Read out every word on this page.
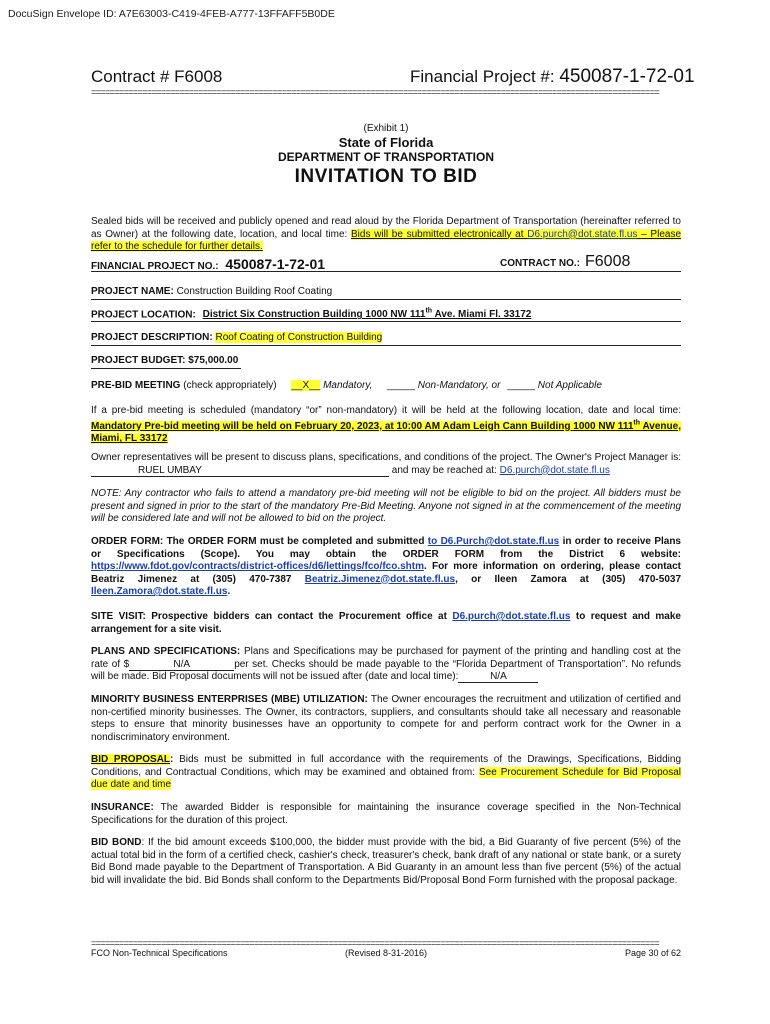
DocuSign Envelope ID: A7E63003-C419-4FEB-A777-13FFAFF5B0DE
Contract # F6008	Financial Project #: 450087-1-72-01
==========================================================================================================================
(Exhibit 1)
State of Florida
DEPARTMENT OF TRANSPORTATION
INVITATION TO BID
Sealed bids will be received and publicly opened and read aloud by the Florida Department of Transportation (hereinafter referred to as Owner) at the following date, location, and local time: Bids will be submitted electronically at D6.purch@dot.state.fl.us – Please refer to the schedule for further details.
FINANCIAL PROJECT NO.: 450087-1-72-01	CONTRACT NO.: F6008
PROJECT NAME: Construction Building Roof Coating
PROJECT LOCATION: District Six Construction Building 1000 NW 111th Ave. Miami Fl. 33172
PROJECT DESCRIPTION: Roof Coating of Construction Building
PROJECT BUDGET: $75,000.00
PRE-BID MEETING (check appropriately) __X__ Mandatory, _____ Non-Mandatory, or _____ Not Applicable
If a pre-bid meeting is scheduled (mandatory “or” non-mandatory) it will be held at the following location, date and local time: Mandatory Pre-bid meeting will be held on February 20, 2023, at 10:00 AM Adam Leigh Cann Building 1000 NW 111th Avenue, Miami, FL 33172
Owner representatives will be present to discuss plans, specifications, and conditions of the project. The Owner's Project Manager is: RUEL UMBAY	and may be reached at: D6.purch@dot.state.fl.us
NOTE: Any contractor who fails to attend a mandatory pre-bid meeting will not be eligible to bid on the project. All bidders must be present and signed in prior to the start of the mandatory Pre-Bid Meeting. Anyone not signed in at the commencement of the meeting will be considered late and will not be allowed to bid on the project.
ORDER FORM: The ORDER FORM must be completed and submitted to D6.Purch@dot.state.fl.us in order to receive Plans or Specifications (Scope). You may obtain the ORDER FORM from the District 6 website: https://www.fdot.gov/contracts/district-offices/d6/lettings/fco/fco.shtm. For more information on ordering, please contact Beatriz Jimenez at (305) 470-7387 Beatriz.Jimenez@dot.state.fl.us, or Ileen Zamora at (305) 470-5037 Ileen.Zamora@dot.state.fl.us.
SITE VISIT: Prospective bidders can contact the Procurement office at D6.purch@dot.state.fl.us to request and make arrangement for a site visit.
PLANS AND SPECIFICATIONS: Plans and Specifications may be purchased for payment of the printing and handling cost at the rate of $	N/A	per set. Checks should be made payable to the “Florida Department of Transportation”. No refunds will be made. Bid Proposal documents will not be issued after (date and local time):	N/A
MINORITY BUSINESS ENTERPRISES (MBE) UTILIZATION: The Owner encourages the recruitment and utilization of certified and non-certified minority businesses. The Owner, its contractors, suppliers, and consultants should take all necessary and reasonable steps to ensure that minority businesses have an opportunity to compete for and perform contract work for the Owner in a nondiscriminatory environment.
BID PROPOSAL: Bids must be submitted in full accordance with the requirements of the Drawings, Specifications, Bidding Conditions, and Contractual Conditions, which may be examined and obtained from: See Procurement Schedule for Bid Proposal due date and time
INSURANCE: The awarded Bidder is responsible for maintaining the insurance coverage specified in the Non-Technical Specifications for the duration of this project.
BID BOND: If the bid amount exceeds $100,000, the bidder must provide with the bid, a Bid Guaranty of five percent (5%) of the actual total bid in the form of a certified check, cashier's check, treasurer's check, bank draft of any national or state bank, or a surety Bid Bond made payable to the Department of Transportation. A Bid Guaranty in an amount less than five percent (5%) of the actual bid will invalidate the bid. Bid Bonds shall conform to the Departments Bid/Proposal Bond Form furnished with the proposal package.
==========================================================================================================================
FCO Non-Technical Specifications	(Revised 8-31-2016)	Page 30 of 62
